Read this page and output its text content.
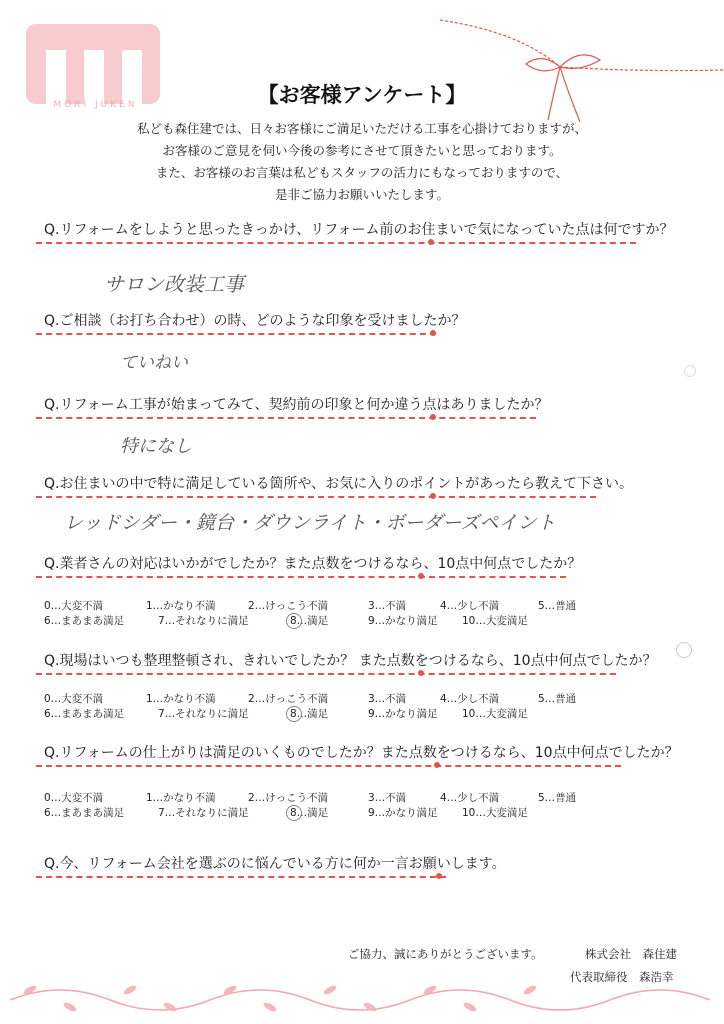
MORI JUKEN	【お客様アンケート】
私ども森住建では、日々お客様にご満足いただける工事を心掛けておりますが、
お客様のご意見を伺い今後の参考にさせて頂きたいと思っております。
また、お客様のお言葉は私どもスタッフの活力にもなっておりますので、
是非ご協力お願いいたします。
Q.リフォームをしようと思ったきっかけ、リフォーム前のお住まいで気になっていた点は何ですか？
サロン改装工事
Q.ご相談（お打ち合わせ）の時、どのような印象を受けましたか？
ていねい
Q.リフォーム工事が始まってみて、契約前の印象と何か違う点はありましたか？
特になし
Q.お住まいの中で特に満足している箇所や、お気に入りのポイントがあったら教えて下さい。
レッドシダー・鏡台・ダウンライト・ボーダーズペイント
Q.業者さんの対応はいかがでしたか？また点数をつけるなら、10点中何点でしたか？
0…大変不満	1…かなり不満	2…けっこう不満	3…不満	4…少し不満	5…普通
6…まあまあ満足	7…それなりに満足	8…満足	9…かなり満足 10…大変満足
Q.現場はいつも整理整頓され、きれいでしたか？ また点数をつけるなら、10点中何点でしたか？
0…大変不満	1…かなり不満	2…けっこう不満	3…不満	4…少し不満	5…普通
6…まあまあ満足	7…それなりに満足	8…満足	9…かなり満足 10…大変満足
Q.リフォームの仕上がりは満足のいくものでしたか？また点数をつけるなら、10点中何点でしたか？
0…大変不満	1…かなり不満	2…けっこう不満	3…不満	4…少し不満	5…普通
6…まあまあ満足	7…それなりに満足	8…満足	9…かなり満足 10…大変満足
Q.今、リフォーム会社を選ぶのに悩んでいる方に何か一言お願いします。
ご協力、誠にありがとうございます。	株式会社　森住建
代表取締役　森浩幸
